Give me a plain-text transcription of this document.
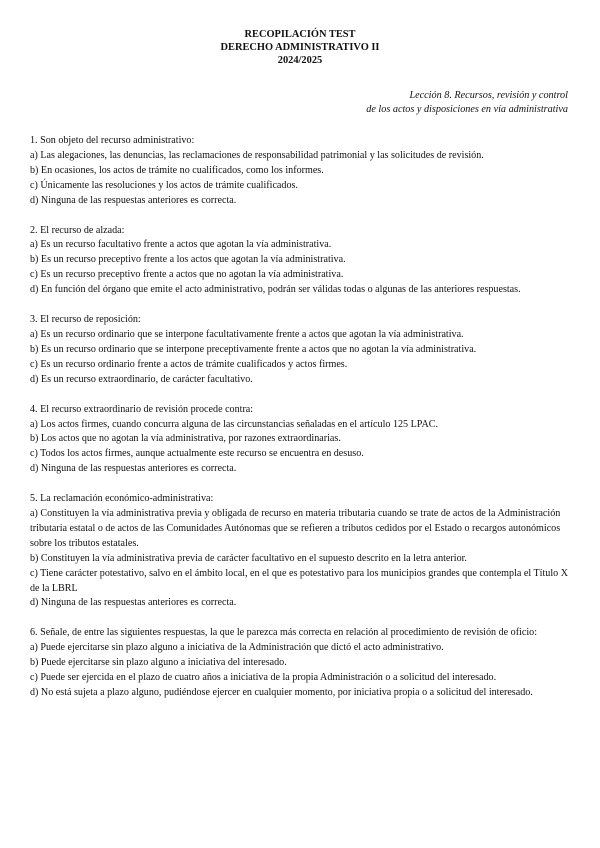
RECOPILACIÓN TEST
DERECHO ADMINISTRATIVO II
2024/2025
Lección 8. Recursos, revisión y control
de los actos y disposiciones en vía administrativa

1. Son objeto del recurso administrativo:

a) Las alegaciones, las denuncias, las reclamaciones de responsabilidad patrimonial y las solicitudes de revisión.

b) En ocasiones, los actos de trámite no cualificados, como los informes.

c) Únicamente las resoluciones y los actos de trámite cualificados.

d) Ninguna de las respuestas anteriores es correcta.

2. El recurso de alzada:

a) Es un recurso facultativo frente a actos que agotan la vía administrativa.

b) Es un recurso preceptivo frente a los actos que agotan la vía administrativa.

c) Es un recurso preceptivo frente a actos que no agotan la vía administrativa.

d) En función del órgano que emite el acto administrativo, podrán ser válidas todas o algunas de las anteriores respuestas.

3. El recurso de reposición:

a) Es un recurso ordinario que se interpone facultativamente frente a actos que agotan la vía administrativa.

b) Es un recurso ordinario que se interpone preceptivamente frente a actos que no agotan la vía administrativa.

c) Es un recurso ordinario frente a actos de trámite cualificados y actos firmes.

d) Es un recurso extraordinario, de carácter facultativo.

4. El recurso extraordinario de revisión procede contra:

a) Los actos firmes, cuando concurra alguna de las circunstancias señaladas en el artículo 125 LPAC.

b) Los actos que no agotan la vía administrativa, por razones extraordinarias.

c) Todos los actos firmes, aunque actualmente este recurso se encuentra en desuso.

d) Ninguna de las respuestas anteriores es correcta.

5. La reclamación económico-administrativa:

a) Constituyen la vía administrativa previa y obligada de recurso en materia tributaria cuando se trate de actos de la Administración tributaria estatal o de actos de las Comunidades Autónomas que se refieren a tributos cedidos por el Estado o recargos autonómicos sobre los tributos estatales.

b) Constituyen la vía administrativa previa de carácter facultativo en el supuesto descrito en la letra anterior.

c) Tiene carácter potestativo, salvo en el ámbito local, en el que es potestativo para los municipios grandes que contempla el Título X de la LBRL

d) Ninguna de las respuestas anteriores es correcta.

6. Señale, de entre las siguientes respuestas, la que le parezca más correcta en relación al procedimiento de revisión de oficio:

a) Puede ejercitarse sin plazo alguno a iniciativa de la Administración que dictó el acto administrativo.

b) Puede ejercitarse sin plazo alguno a iniciativa del interesado.

c) Puede ser ejercida en el plazo de cuatro años a iniciativa de la propia Administración o a solicitud del interesado.

d) No está sujeta a plazo alguno, pudiéndose ejercer en cualquier momento, por iniciativa propia o a solicitud del interesado.
